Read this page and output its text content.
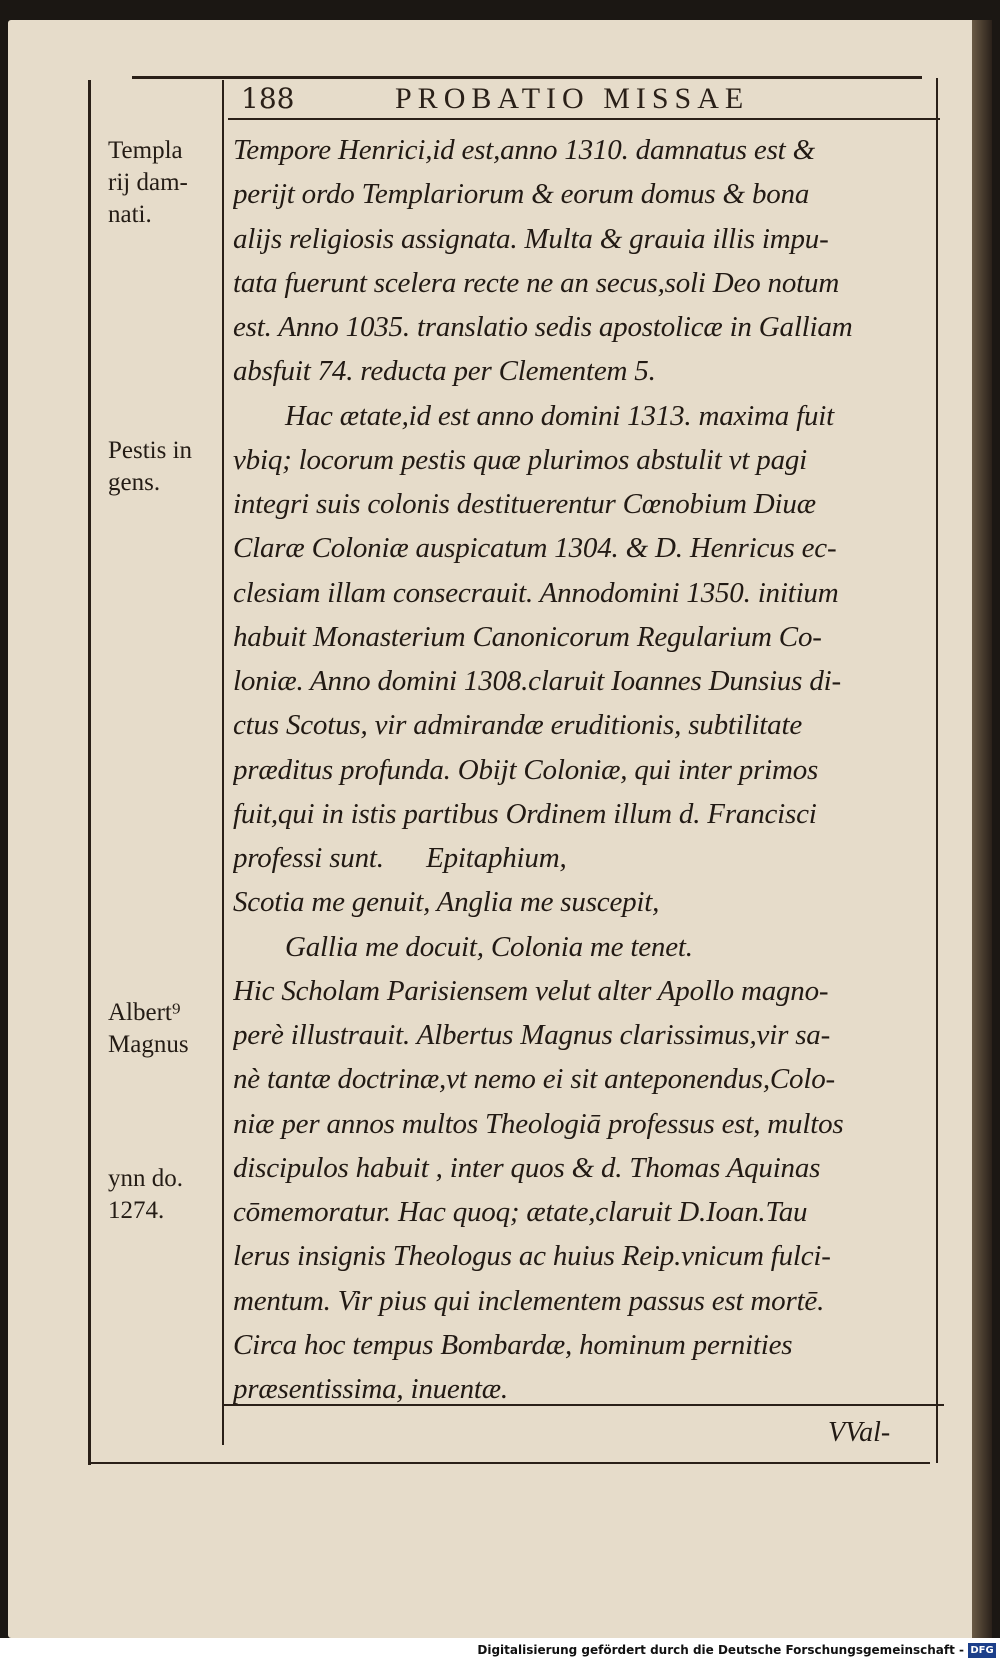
188	PROBATIO MISSAE
Templa
rij dam-
nati.
Pestis in
gens.
Albert⁹
Magnus
ynn do.
1274.
Tempore Henrici,id est,anno 1310. damnatus est &
perijt ordo Templariorum & eorum domus & bona
alijs religiosis assignata. Multa & grauia illis impu-
tata fuerunt scelera recte ne an secus,soli Deo notum
est. Anno 1035. translatio sedis apostolicæ in Galliam
absfuit 74. reducta per Clementem 5.
Hac ætate,id est anno domini 1313. maxima fuit
vbiq; locorum pestis quæ plurimos abstulit vt pagi
integri suis colonis destituerentur Cœnobium Diuæ
Claræ Coloniæ auspicatum 1304. & D. Henricus ec-
clesiam illam consecrauit. Annodomini 1350. initium
habuit Monasterium Canonicorum Regularium Co-
loniæ. Anno domini 1308.claruit Ioannes Dunsius di-
ctus Scotus, vir admirandæ eruditionis, subtilitate
præditus profunda. Obijt Coloniæ, qui inter primos
fuit,qui in istis partibus Ordinem illum d. Francisci
professi sunt.      Epitaphium,
Scotia me genuit, Anglia me suscepit,
Gallia me docuit, Colonia me tenet.
Hic Scholam Parisiensem velut alter Apollo magno-
perè illustrauit. Albertus Magnus clarissimus,vir sa-
nè tantæ doctrinæ,vt nemo ei sit anteponendus,Colo-
niæ per annos multos Theologiā professus est, multos
discipulos habuit , inter quos & d. Thomas Aquinas
cōmemoratur. Hac quoq; ætate,claruit D.Ioan.Tau
lerus insignis Theologus ac huius Reip.vnicum fulci-
mentum. Vir pius qui inclementem passus est mortē.
Circa hoc tempus Bombardæ, hominum pernities
præsentissima, inuentæ.
VVal-
Digitalisierung gefördert durch die Deutsche Forschungsgemeinschaft - DFG
